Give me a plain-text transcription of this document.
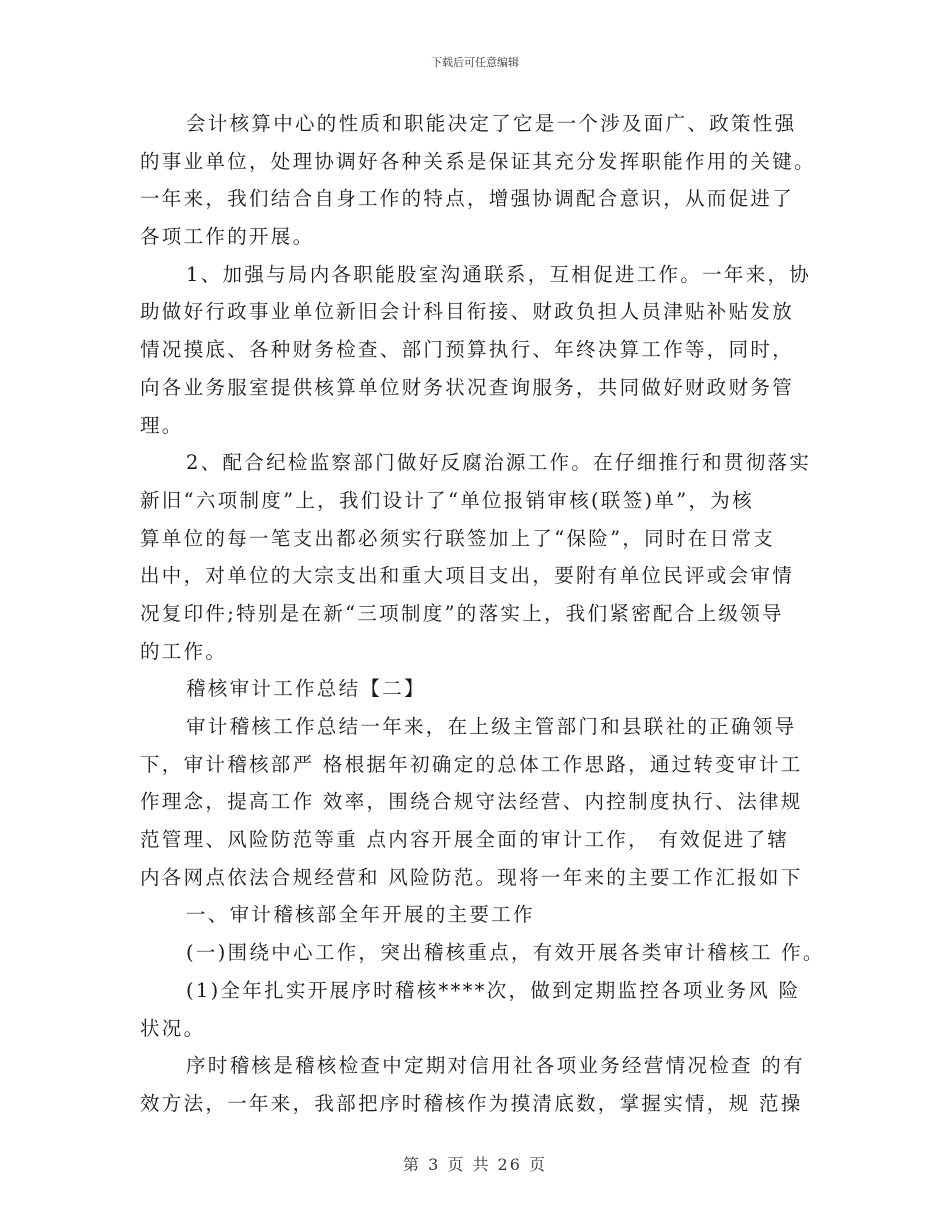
下载后可任意编辑
会计核算中心的性质和职能决定了它是一个涉及面广、政策性强
的事业单位，处理协调好各种关系是保证其充分发挥职能作用的关键。
一年来，我们结合自身工作的特点，增强协调配合意识，从而促进了
各项工作的开展。
1、加强与局内各职能股室沟通联系，互相促进工作。一年来，协
助做好行政事业单位新旧会计科目衔接、财政负担人员津贴补贴发放
情况摸底、各种财务检查、部门预算执行、年终决算工作等，同时，
向各业务服室提供核算单位财务状况查询服务，共同做好财政财务管
理。
2、配合纪检监察部门做好反腐治源工作。在仔细推行和贯彻落实
新旧“六项制度”上，我们设计了“单位报销审核(联签)单”，为核
算单位的每一笔支出都必须实行联签加上了“保险”，同时在日常支
出中，对单位的大宗支出和重大项目支出，要附有单位民评或会审情
况复印件;特别是在新“三项制度”的落实上，我们紧密配合上级领导
的工作。
稽核审计工作总结【二】
审计稽核工作总结一年来，在上级主管部门和县联社的正确领导
下，审计稽核部严 格根据年初确定的总体工作思路，通过转变审计工
作理念，提高工作 效率，围绕合规守法经营、内控制度执行、法律规
范管理、风险防范等重 点内容开展全面的审计工作， 有效促进了辖
内各网点依法合规经营和 风险防范。现将一年来的主要工作汇报如下
一、审计稽核部全年开展的主要工作
(一)围绕中心工作，突出稽核重点，有效开展各类审计稽核工 作。
(1)全年扎实开展序时稽核****次，做到定期监控各项业务风 险
状况。
序时稽核是稽核检查中定期对信用社各项业务经营情况检查 的有
效方法，一年来，我部把序时稽核作为摸清底数，掌握实情，规 范操
第 3 页 共 26 页
